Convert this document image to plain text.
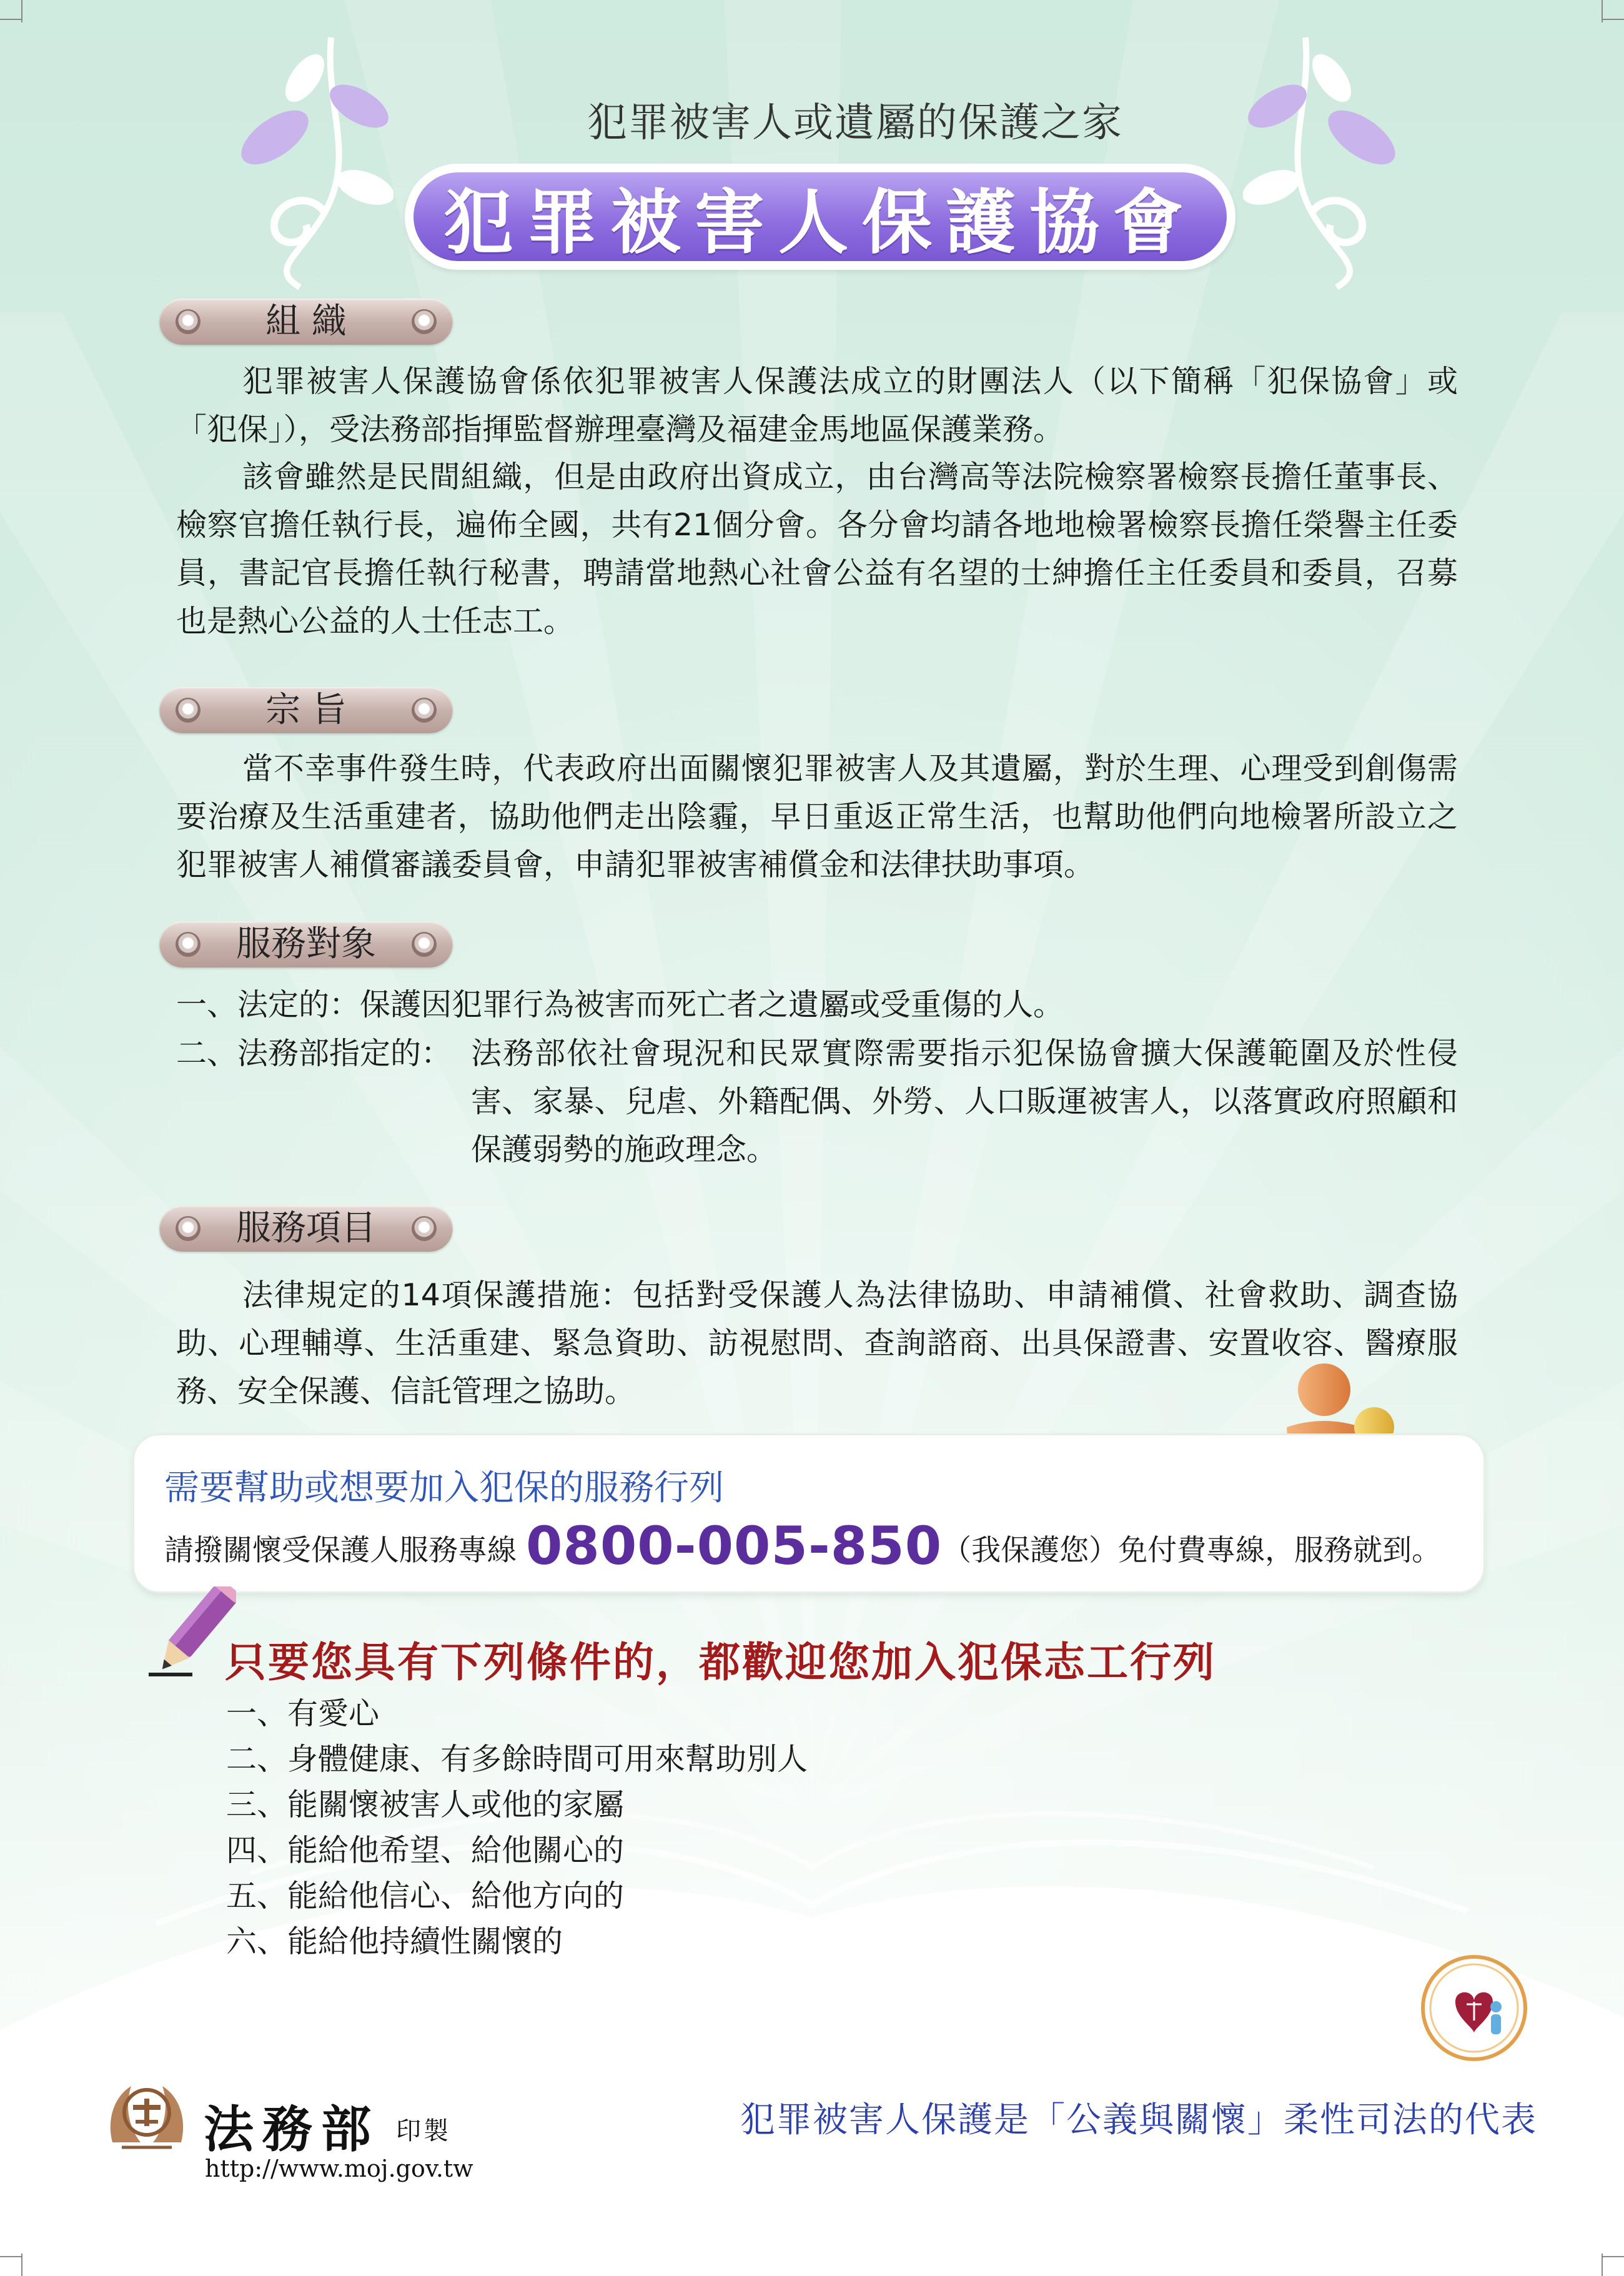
犯罪被害人或遺屬的保護之家
犯罪被害人保護協會
組 織
犯罪被害人保護協會係依犯罪被害人保護法成立的財團法人（以下簡稱「犯保協會」或「犯保」），受法務部指揮監督辦理臺灣及福建金馬地區保護業務。
該會雖然是民間組織，但是由政府出資成立，由台灣高等法院檢察署檢察長擔任董事長、檢察官擔任執行長，遍佈全國，共有21個分會。各分會均請各地地檢署檢察長擔任榮譽主任委員，書記官長擔任執行秘書，聘請當地熱心社會公益有名望的士紳擔任主任委員和委員，召募也是熱心公益的人士任志工。
宗 旨
當不幸事件發生時，代表政府出面關懷犯罪被害人及其遺屬，對於生理、心理受到創傷需要治療及生活重建者，協助他們走出陰霾，早日重返正常生活，也幫助他們向地檢署所設立之犯罪被害人補償審議委員會，申請犯罪被害補償金和法律扶助事項。
服務對象
一、法定的：保護因犯罪行為被害而死亡者之遺屬或受重傷的人。
二、法務部指定的： 法務部依社會現況和民眾實際需要指示犯保協會擴大保護範圍及於性侵害、家暴、兒虐、外籍配偶、外勞、人口販運被害人，以落實政府照顧和保護弱勢的施政理念。
服務項目
法律規定的14項保護措施：包括對受保護人為法律協助、申請補償、社會救助、調查協助、心理輔導、生活重建、緊急資助、訪視慰問、查詢諮商、出具保證書、安置收容、醫療服務、安全保護、信託管理之協助。
需要幫助或想要加入犯保的服務行列
請撥關懷受保護人服務專線 0800-005-850（我保護您）免付費專線，服務就到。
只要您具有下列條件的，都歡迎您加入犯保志工行列
一、有愛心
二、身體健康、有多餘時間可用來幫助別人
三、能關懷被害人或他的家屬
四、能給他希望、給他關心的
五、能給他信心、給他方向的
六、能給他持續性關懷的
法務部 印製
http://www.moj.gov.tw
犯罪被害人保護是「公義與關懷」柔性司法的代表
